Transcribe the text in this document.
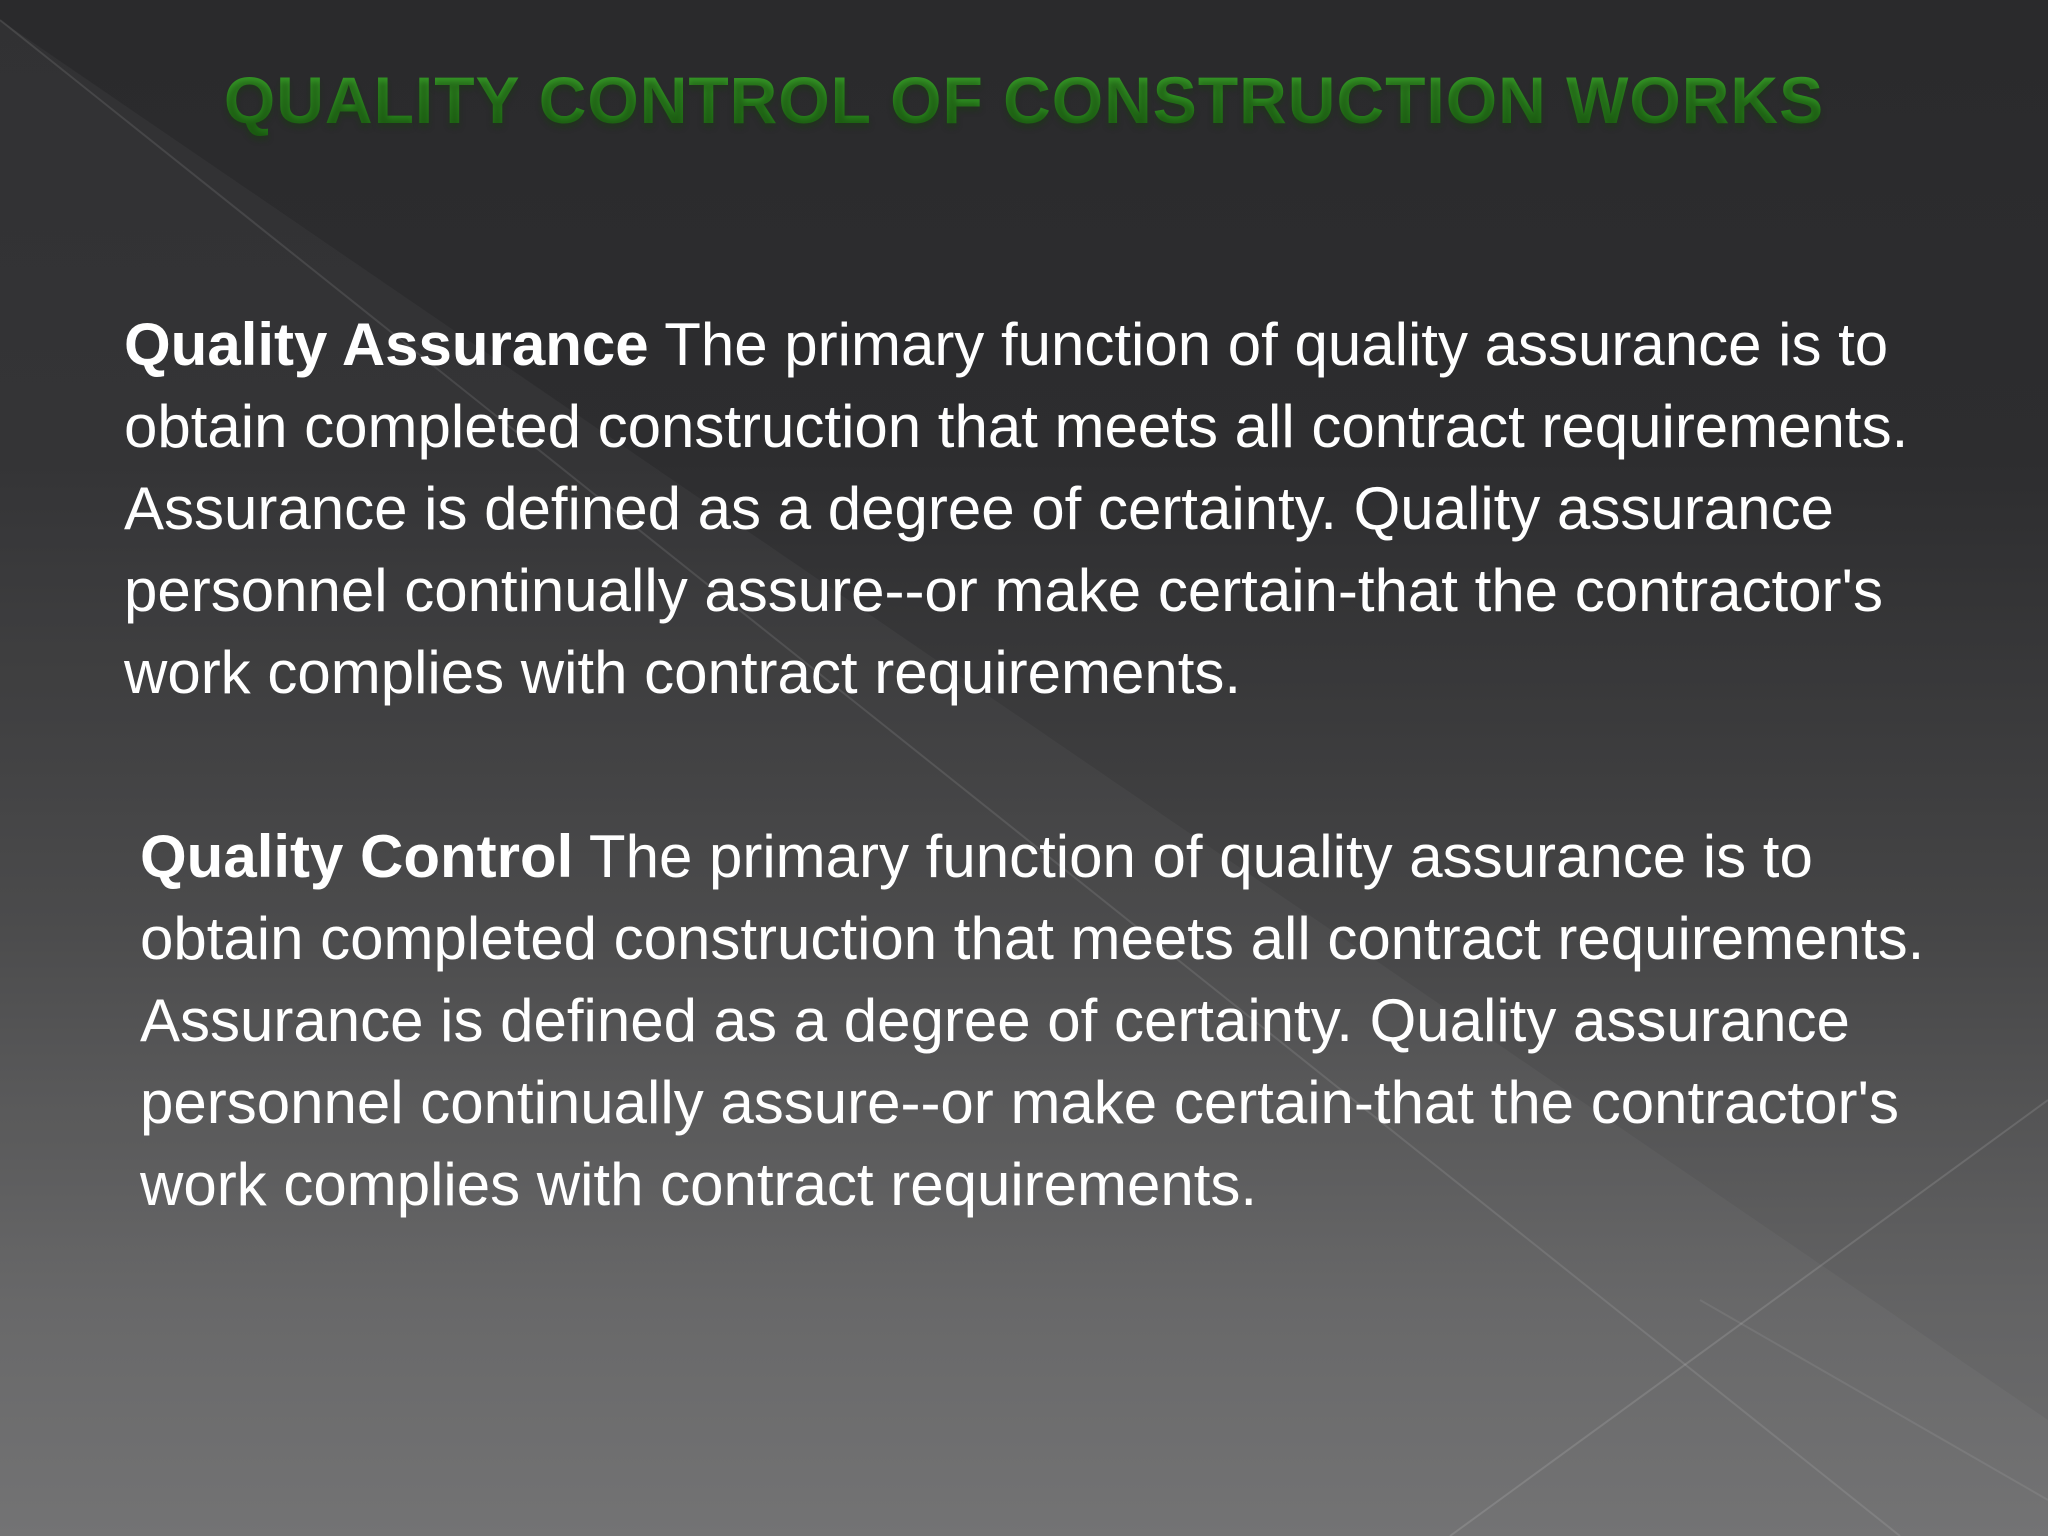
QUALITY CONTROL OF CONSTRUCTION WORKS

Quality Assurance The primary function of quality assurance is to obtain completed construction that meets all contract requirements. Assurance is defined as a degree of certainty. Quality assurance personnel continually assure--or make certain-that the contractor's work complies with contract requirements.

Quality Control The primary function of quality assurance is to obtain completed construction that meets all contract requirements. Assurance is defined as a degree of certainty. Quality assurance personnel continually assure--or make certain-that the contractor's work complies with contract requirements.
